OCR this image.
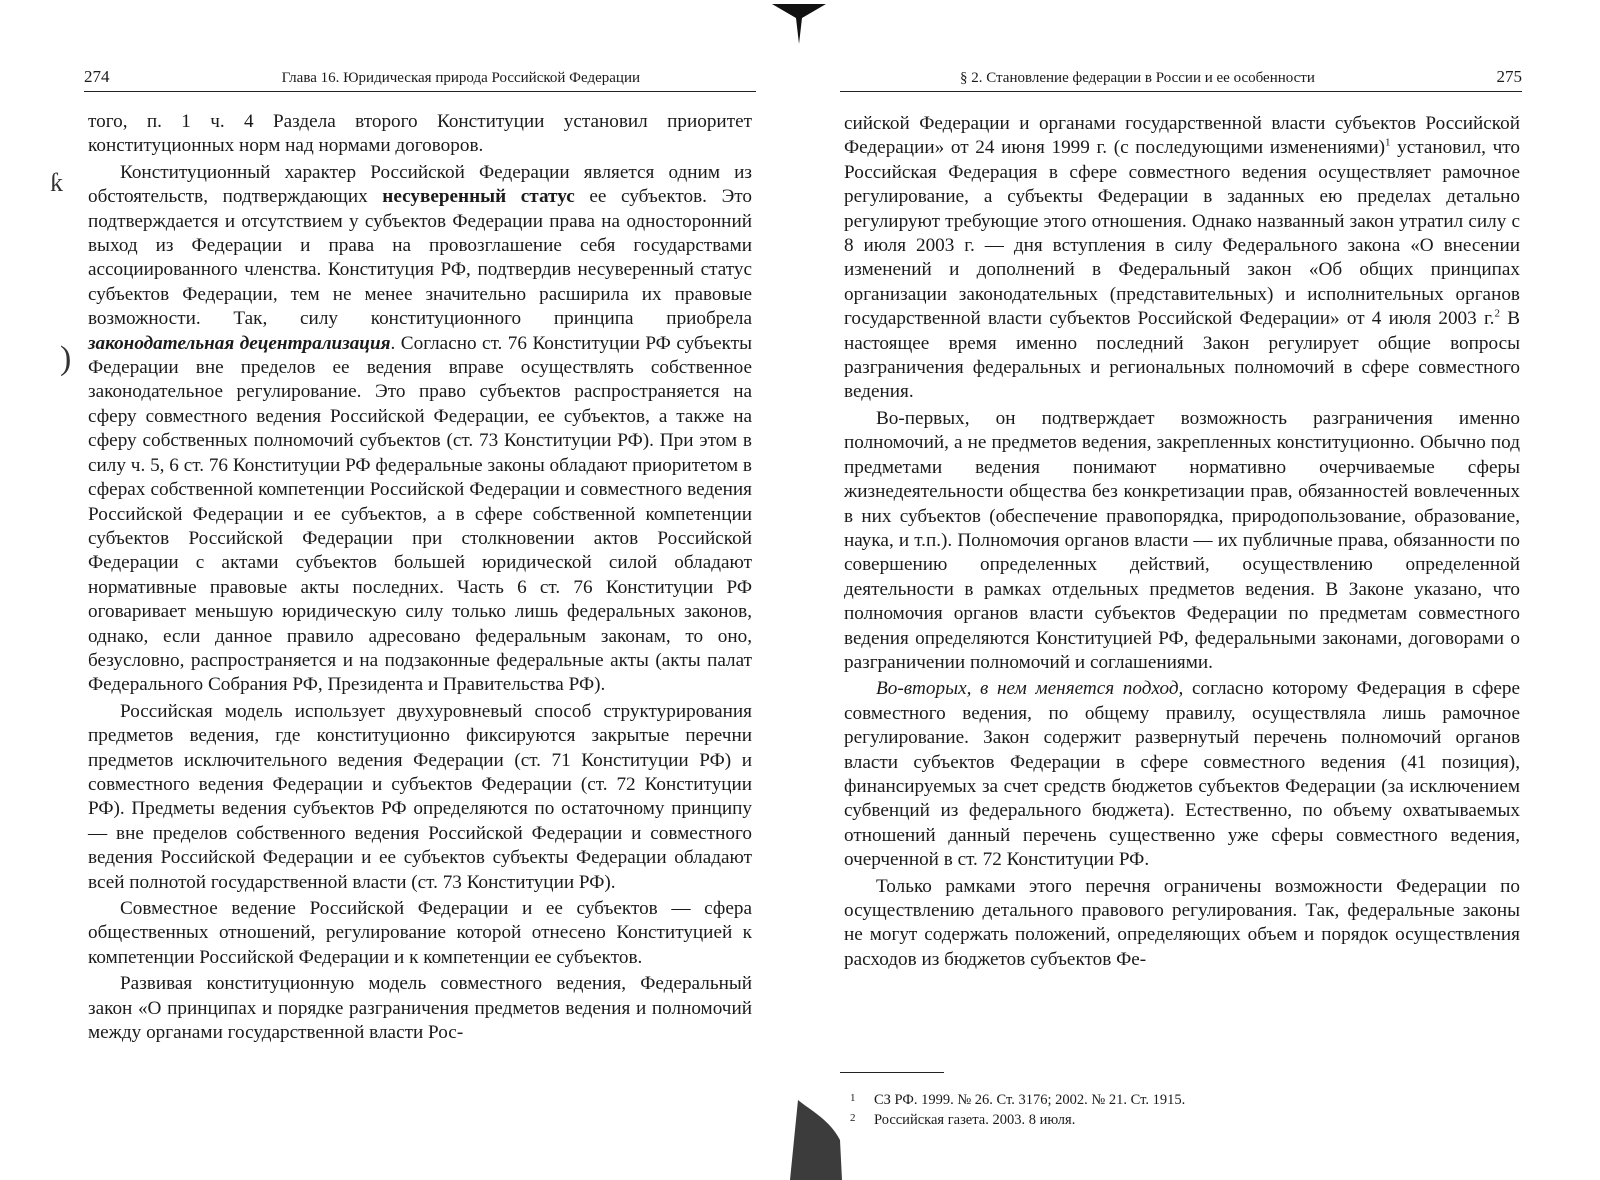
ƙ
)
274	Глава 16. Юридическая природа Российской Федерации

того, п. 1 ч. 4 Раздела второго Конституции установил приоритет конституционных норм над нормами договоров.

Конституционный характер Российской Федерации является одним из обстоятельств, подтверждающих несуверенный статус ее субъектов. Это подтверждается и отсутствием у субъектов Федерации права на односторонний выход из Федерации и права на провозглашение себя государствами ассоциированного членства. Конституция РФ, подтвердив несуверенный статус субъектов Федерации, тем не менее значительно расширила их правовые возможности. Так, силу конституционного принципа приобрела законодательная децентрализация. Согласно ст. 76 Конституции РФ субъекты Федерации вне пределов ее ведения вправе осуществлять собственное законодательное регулирование. Это право субъектов распространяется на сферу совместного ведения Российской Федерации, ее субъектов, а также на сферу собственных полномочий субъектов (ст. 73 Конституции РФ). При этом в силу ч. 5, 6 ст. 76 Конституции РФ федеральные законы обладают приоритетом в сферах собственной компетенции Российской Федерации и совместного ведения Российской Федерации и ее субъектов, а в сфере собственной компетенции субъектов Российской Федерации при столкновении актов Российской Федерации с актами субъектов большей юридической силой обладают нормативные правовые акты последних. Часть 6 ст. 76 Конституции РФ оговаривает меньшую юридическую силу только лишь федеральных законов, однако, если данное правило адресовано федеральным законам, то оно, безусловно, распространяется и на подзаконные федеральные акты (акты палат Федерального Собрания РФ, Президента и Правительства РФ).

Российская модель использует двухуровневый способ структурирования предметов ведения, где конституционно фиксируются закрытые перечни предметов исключительного ведения Федерации (ст. 71 Конституции РФ) и совместного ведения Федерации и субъектов Федерации (ст. 72 Конституции РФ). Предметы ведения субъектов РФ определяются по остаточному принципу — вне пределов собственного ведения Российской Федерации и совместного ведения Российской Федерации и ее субъектов субъекты Федерации обладают всей полнотой государственной власти (ст. 73 Конституции РФ).

Совместное ведение Российской Федерации и ее субъектов — сфера общественных отношений, регулирование которой отнесено Конституцией к компетенции Российской Федерации и к компетенции ее субъектов.

Развивая конституционную модель совместного ведения, Федеральный закон «О принципах и порядке разграничения предметов ведения и полномочий между органами государственной власти Рос-

§ 2. Становление федерации в России и ее особенности	275

сийской Федерации и органами государственной власти субъектов Российской Федерации» от 24 июня 1999 г. (с последующими изменениями)$^1$ установил, что Российская Федерация в сфере совместного ведения осуществляет рамочное регулирование, а субъекты Федерации в заданных ею пределах детально регулируют требующие этого отношения. Однако названный закон утратил силу с 8 июля 2003 г. — дня вступления в силу Федерального закона «О внесении изменений и дополнений в Федеральный закон «Об общих принципах организации законодательных (представительных) и исполнительных органов государственной власти субъектов Российской Федерации» от 4 июля 2003 г.$^2$ В настоящее время именно последний Закон регулирует общие вопросы разграничения федеральных и региональных полномочий в сфере совместного ведения.

Во-первых, он подтверждает возможность разграничения именно полномочий, а не предметов ведения, закрепленных конституционно. Обычно под предметами ведения понимают нормативно очерчиваемые сферы жизнедеятельности общества без конкретизации прав, обязанностей вовлеченных в них субъектов (обеспечение правопорядка, природопользование, образование, наука, и т.п.). Полномочия органов власти — их публичные права, обязанности по совершению определенных действий, осуществлению определенной деятельности в рамках отдельных предметов ведения. В Законе указано, что полномочия органов власти субъектов Федерации по предметам совместного ведения определяются Конституцией РФ, федеральными законами, договорами о разграничении полномочий и соглашениями.

Во-вторых, в нем меняется подход, согласно которому Федерация в сфере совместного ведения, по общему правилу, осуществляла лишь рамочное регулирование. Закон содержит развернутый перечень полномочий органов власти субъектов Федерации в сфере совместного ведения (41 позиция), финансируемых за счет средств бюджетов субъектов Федерации (за исключением субвенций из федерального бюджета). Естественно, по объему охватываемых отношений данный перечень существенно уже сферы совместного ведения, очерченной в ст. 72 Конституции РФ.

Только рамками этого перечня ограничены возможности Федерации по осуществлению детального правового регулирования. Так, федеральные законы не могут содержать положений, определяющих объем и порядок осуществления расходов из бюджетов субъектов Фе-

1 СЗ РФ. 1999. № 26. Ст. 3176; 2002. № 21. Ст. 1915.
2 Российская газета. 2003. 8 июля.
